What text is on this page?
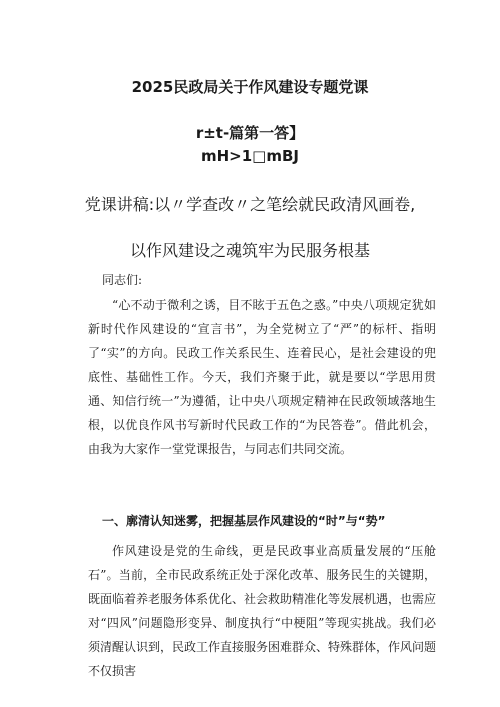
2025民政局关于作风建设专题党课
r±t-篇第一答】
mH>1□mBJ
党课讲稿:以〃学查改〃之笔绘就民政清风画卷,
以作风建设之魂筑牢为民服务根基
同志们:

“心不动于微利之诱，目不眩于五色之惑。”中央八项规定犹如新时代作风建设的“宣言书”，为全党树立了“严”的标杆、指明了“实”的方向。民政工作关系民生、连着民心，是社会建设的兜底性、基础性工作。今天，我们齐聚于此，就是要以“学思用贯通、知信行统一”为遵循，让中央八项规定精神在民政领域落地生根，以优良作风书写新时代民政工作的“为民答卷”。借此机会，由我为大家作一堂党课报告，与同志们共同交流。

一、廓清认知迷雾，把握基层作风建设的“时”与“势”

作风建设是党的生命线，更是民政事业高质量发展的“压舱石”。当前，全市民政系统正处于深化改革、服务民生的关键期，既面临着养老服务体系优化、社会救助精准化等发展机遇，也需应对“四风”问题隐形变异、制度执行“中梗阻”等现实挑战。我们必须清醒认识到，民政工作直接服务困难群众、特殊群体，作风问题不仅损害
